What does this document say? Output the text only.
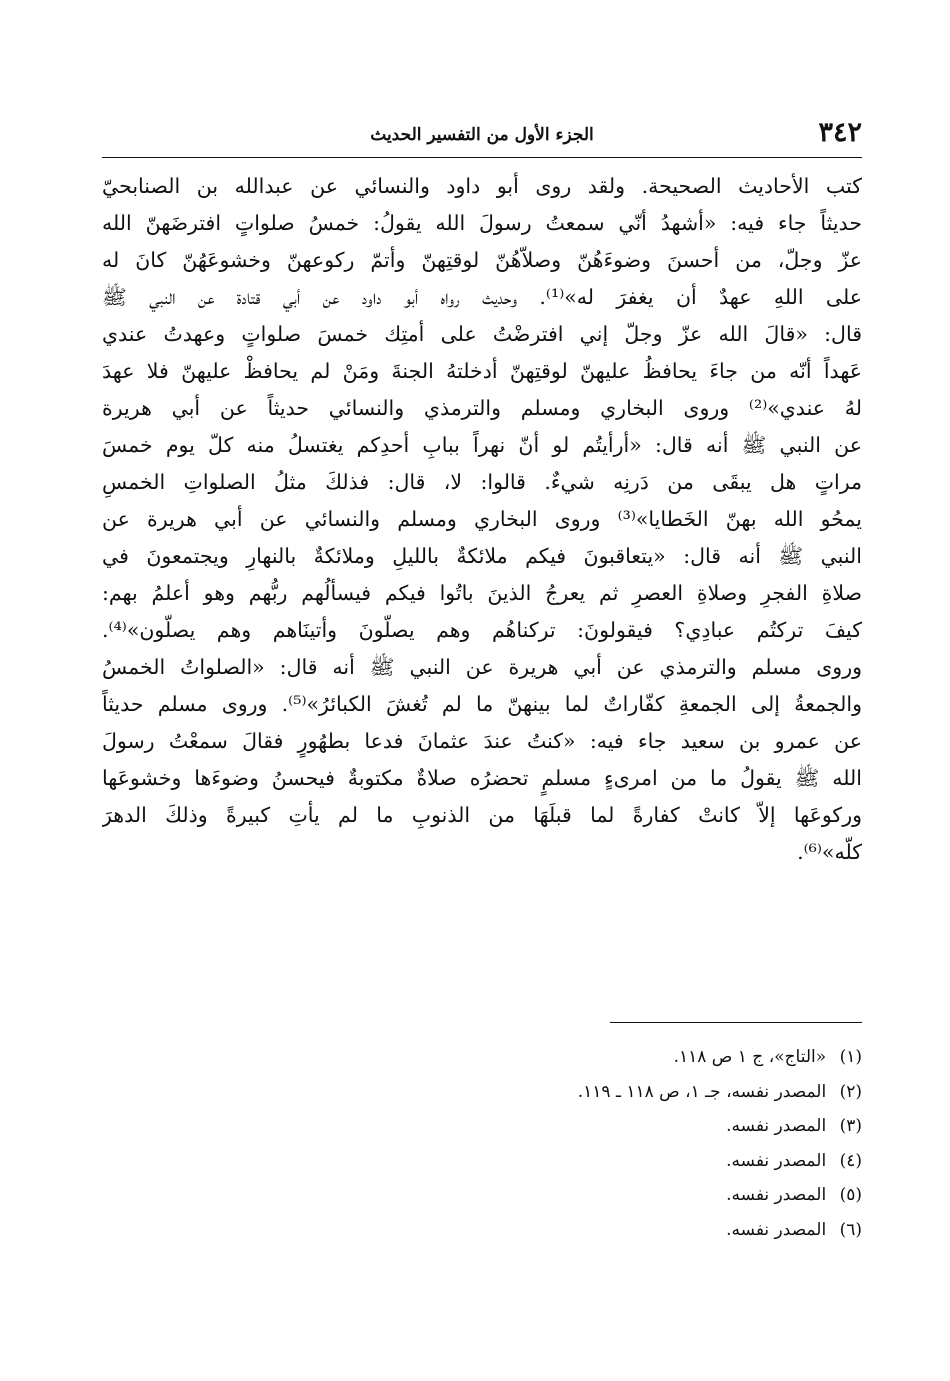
٣٤٢
الجزء الأول من التفسير الحديث
كتب الأحاديث الصحيحة. ولقد روى أبو داود والنسائي عن عبدالله بن الصنابحيّ
حديثاً جاء فيه: «أشهدُ أنّي سمعتُ رسولَ الله يقولُ: خمسُ صلواتٍ افترضَهنّ الله
عزّ وجلّ، من أحسنَ وضوءَهُنّ وصلاّهُنّ لوقتِهنّ وأتمّ ركوعهنّ وخشوعَهُنّ كانَ له
على اللهِ عهدٌ أن يغفرَ له»⁽¹⁾. وحديث رواه أبو داود عن أبي قتادة عن النبي ﷺ
قال: «قالَ الله عزّ وجلّ إني افترضْتُ على أمتِك خمسَ صلواتٍ وعهدتُ عندي
عَهداً أنّه من جاءَ يحافظُ عليهنّ لوقتِهنّ أدخلتهُ الجنةَ ومَنْ لم يحافظْ عليهنّ فلا عهدَ
لهُ عندي»⁽²⁾ وروى البخاري ومسلم والترمذي والنسائي حديثاً عن أبي هريرة
عن النبي ﷺ أنه قال: «أرأيتُم لو أنّ نهراً ببابِ أحدِكم يغتسلُ منه كلّ يوم خمسَ
مراتٍ هل يبقَى من دَرنِه شيءٌ. قالوا: لا، قال: فذلكَ مثلُ الصلواتِ الخمسِ
يمحُو الله بهنّ الخَطايا»⁽³⁾ وروى البخاري ومسلم والنسائي عن أبي هريرة عن
النبي ﷺ أنه قال: «يتعاقبونَ فيكم ملائكةٌ بالليلِ وملائكةٌ بالنهارِ ويجتمعونَ في
صلاةِ الفجرِ وصلاةِ العصرِ ثم يعرجُ الذينَ باتُوا فيكم فيسألُهم ربُّهم وهو أعلمُ بهم:
كيفَ تركتُم عبادِي؟ فيقولونَ: تركناهُم وهم يصلّونَ وأتينَاهم وهم يصلّون»⁽⁴⁾.
وروى مسلم والترمذي عن أبي هريرة عن النبي ﷺ أنه قال: «الصلواتُ الخمسُ
والجمعةُ إلى الجمعةِ كفّاراتٌ لما بينهنّ ما لم تُغشَ الكبائرُ»⁽⁵⁾. وروى مسلم حديثاً
عن عمرو بن سعيد جاء فيه: «كنتُ عندَ عثمانَ فدعا بطهُورٍ فقالَ سمعْتُ رسولَ
الله ﷺ يقولُ ما من امرىءٍ مسلمٍ تحضرُه صلاةٌ مكتوبةٌ فيحسنُ وضوءَها وخشوعَها
وركوعَها إلاّ كانتْ كفارةً لما قبلَهَا من الذنوبِ ما لم يأتِ كبيرةً وذلكَ الدهرَ
كلّه»⁽⁶⁾.
(١) «التاج»، ج ١ ص ١١٨.
(٢) المصدر نفسه، جـ ١، ص ١١٨ ـ ١١٩.
(٣) المصدر نفسه.
(٤) المصدر نفسه.
(٥) المصدر نفسه.
(٦) المصدر نفسه.
